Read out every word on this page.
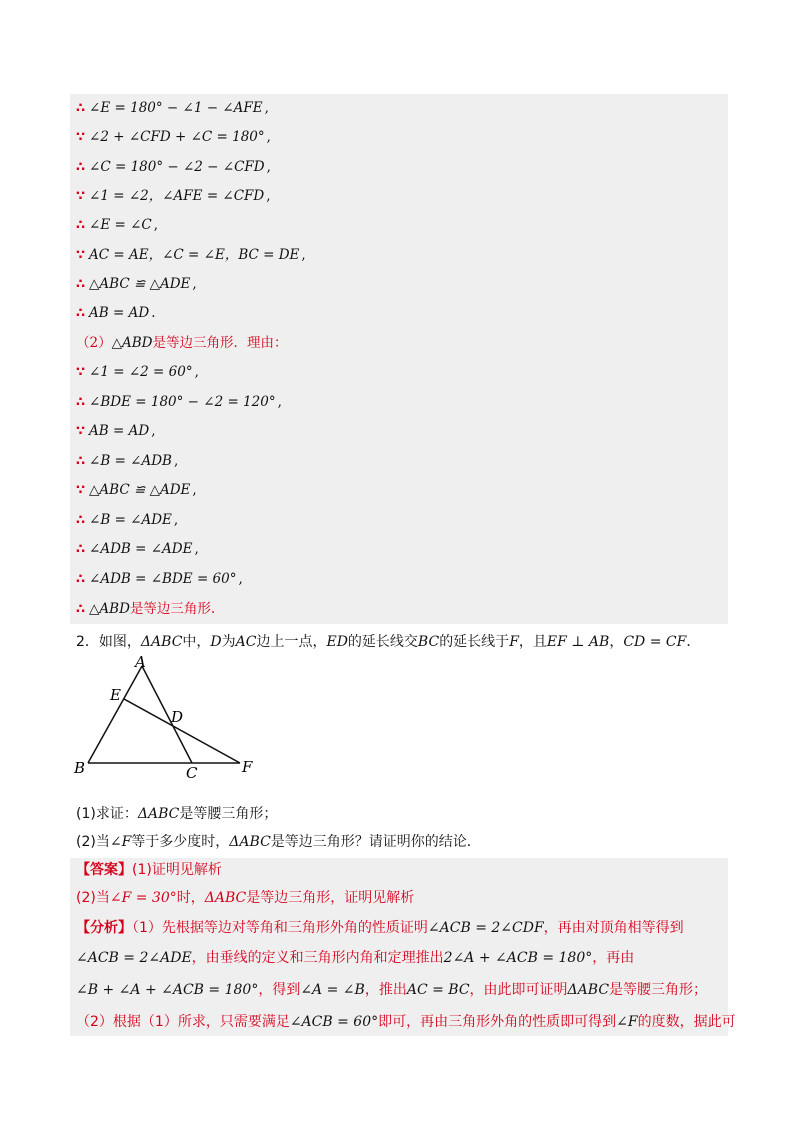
∴ ∠E = 180° − ∠1 − ∠AFE ,
∵ ∠2 + ∠CFD + ∠C = 180° ,
∴ ∠C = 180° − ∠2 − ∠CFD ,
∵ ∠1 = ∠2，∠AFE = ∠CFD ,
∴ ∠E = ∠C ,
∵ AC = AE，∠C = ∠E，BC = DE ,
∴ △ABC ≌ △ADE ,
∴ AB = AD .
（2）△ABD是等边三角形．理由：
∵ ∠1 = ∠2 = 60° ,
∴ ∠BDE = 180° − ∠2 = 120° ,
∵ AB = AD ,
∴ ∠B = ∠ADB ,
∵ △ABC ≌ △ADE ,
∴ ∠B = ∠ADE ,
∴ ∠ADB = ∠ADE ,
∴ ∠ADB = ∠BDE = 60° ,
∴ △ABD是等边三角形.
2．如图，ΔABC中，D为AC边上一点，ED的延长线交BC的延长线于F，且EF ⊥ AB，CD = CF．
A
E
D
B	C	F
(1)求证：ΔABC是等腰三角形；
(2)当∠F等于多少度时，ΔABC是等边三角形？请证明你的结论．
【答案】(1)证明见解析
(2)当∠F = 30°时，ΔABC是等边三角形，证明见解析
【分析】（1）先根据等边对等角和三角形外角的性质证明∠ACB = 2∠CDF，再由对顶角相等得到
∠ACB = 2∠ADE，由垂线的定义和三角形内角和定理推出2∠A + ∠ACB = 180°，再由
∠B + ∠A + ∠ACB = 180°，得到∠A = ∠B，推出AC = BC，由此即可证明ΔABC是等腰三角形；
（2）根据（1）所求，只需要满足∠ACB = 60°即可，再由三角形外角的性质即可得到∠F的度数，据此可
